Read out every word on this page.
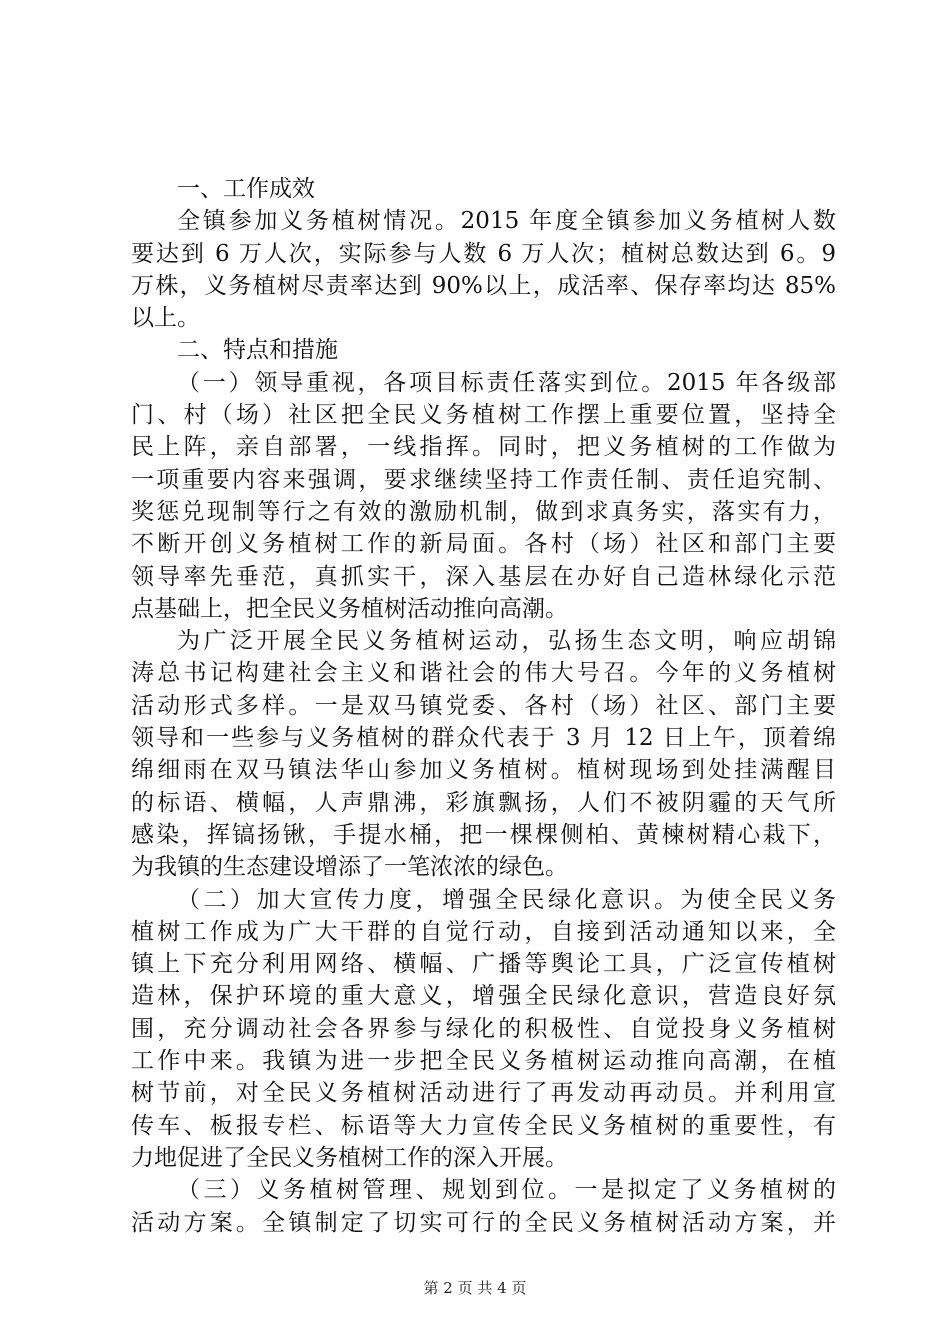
一、工作成效
全镇参加义务植树情况。2015 年度全镇参加义务植树人数
要达到 6 万人次，实际参与人数 6 万人次；植树总数达到 6。9
万株，义务植树尽责率达到 90%以上，成活率、保存率均达 85%
以上。
二、特点和措施
（一）领导重视，各项目标责任落实到位。2015 年各级部
门、村（场）社区把全民义务植树工作摆上重要位置，坚持全
民上阵，亲自部署，一线指挥。同时，把义务植树的工作做为
一项重要内容来强调，要求继续坚持工作责任制、责任追究制、
奖惩兑现制等行之有效的激励机制，做到求真务实，落实有力，
不断开创义务植树工作的新局面。各村（场）社区和部门主要
领导率先垂范，真抓实干，深入基层在办好自己造林绿化示范
点基础上，把全民义务植树活动推向高潮。
为广泛开展全民义务植树运动，弘扬生态文明，响应胡锦
涛总书记构建社会主义和谐社会的伟大号召。今年的义务植树
活动形式多样。一是双马镇党委、各村（场）社区、部门主要
领导和一些参与义务植树的群众代表于 3 月 12 日上午，顶着绵
绵细雨在双马镇法华山参加义务植树。植树现场到处挂满醒目
的标语、横幅，人声鼎沸，彩旗飘扬，人们不被阴霾的天气所
感染，挥镐扬锹，手提水桶，把一棵棵侧柏、黄楝树精心栽下，
为我镇的生态建设增添了一笔浓浓的绿色。
（二）加大宣传力度，增强全民绿化意识。为使全民义务
植树工作成为广大干群的自觉行动，自接到活动通知以来，全
镇上下充分利用网络、横幅、广播等舆论工具，广泛宣传植树
造林，保护环境的重大意义，增强全民绿化意识，营造良好氛
围，充分调动社会各界参与绿化的积极性、自觉投身义务植树
工作中来。我镇为进一步把全民义务植树运动推向高潮，在植
树节前，对全民义务植树活动进行了再发动再动员。并利用宣
传车、板报专栏、标语等大力宣传全民义务植树的重要性，有
力地促进了全民义务植树工作的深入开展。
（三）义务植树管理、规划到位。一是拟定了义务植树的
活动方案。全镇制定了切实可行的全民义务植树活动方案，并
第 2 页 共 4 页
